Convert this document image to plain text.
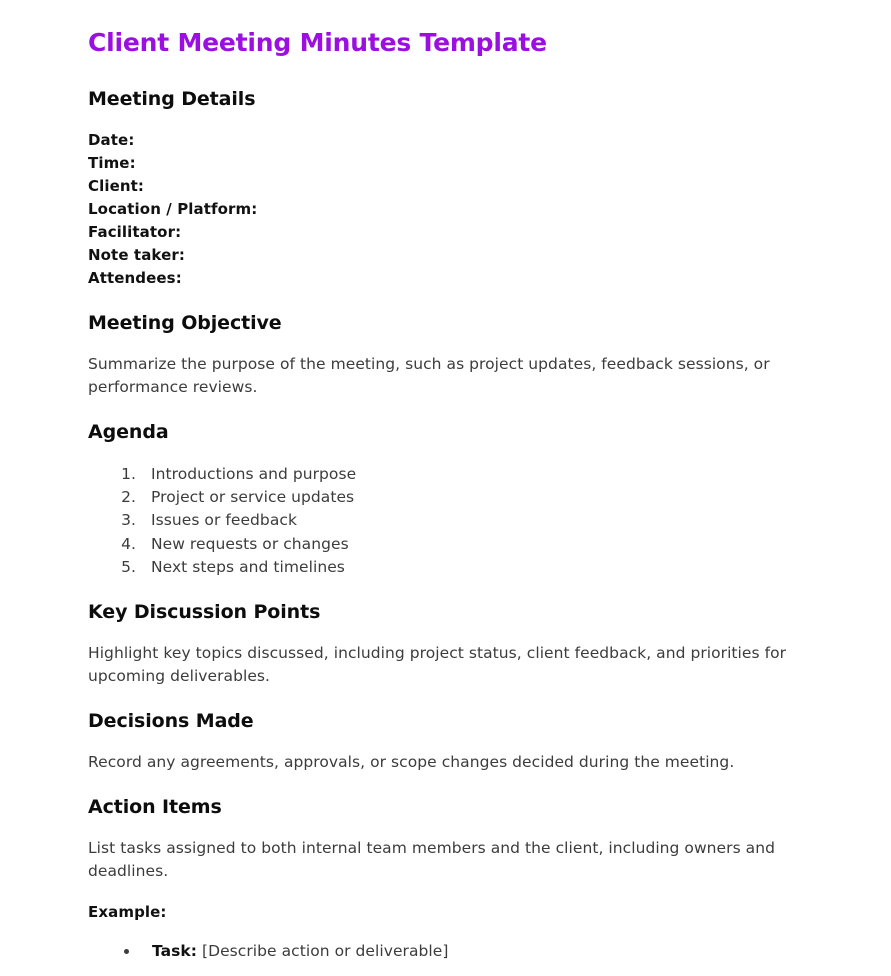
Client Meeting Minutes Template
Meeting Details
Date:
Time:
Client:
Location / Platform:
Facilitator:
Note taker:
Attendees:
Meeting Objective

Summarize the purpose of the meeting, such as project updates, feedback sessions, or performance reviews.

Agenda
1. Introductions and purpose
2. Project or service updates
3. Issues or feedback
4. New requests or changes
5. Next steps and timelines
Key Discussion Points

Highlight key topics discussed, including project status, client feedback, and priorities for upcoming deliverables.

Decisions Made

Record any agreements, approvals, or scope changes decided during the meeting.

Action Items

List tasks assigned to both internal team members and the client, including owners and deadlines.

Example:

• Task: [Describe action or deliverable]
